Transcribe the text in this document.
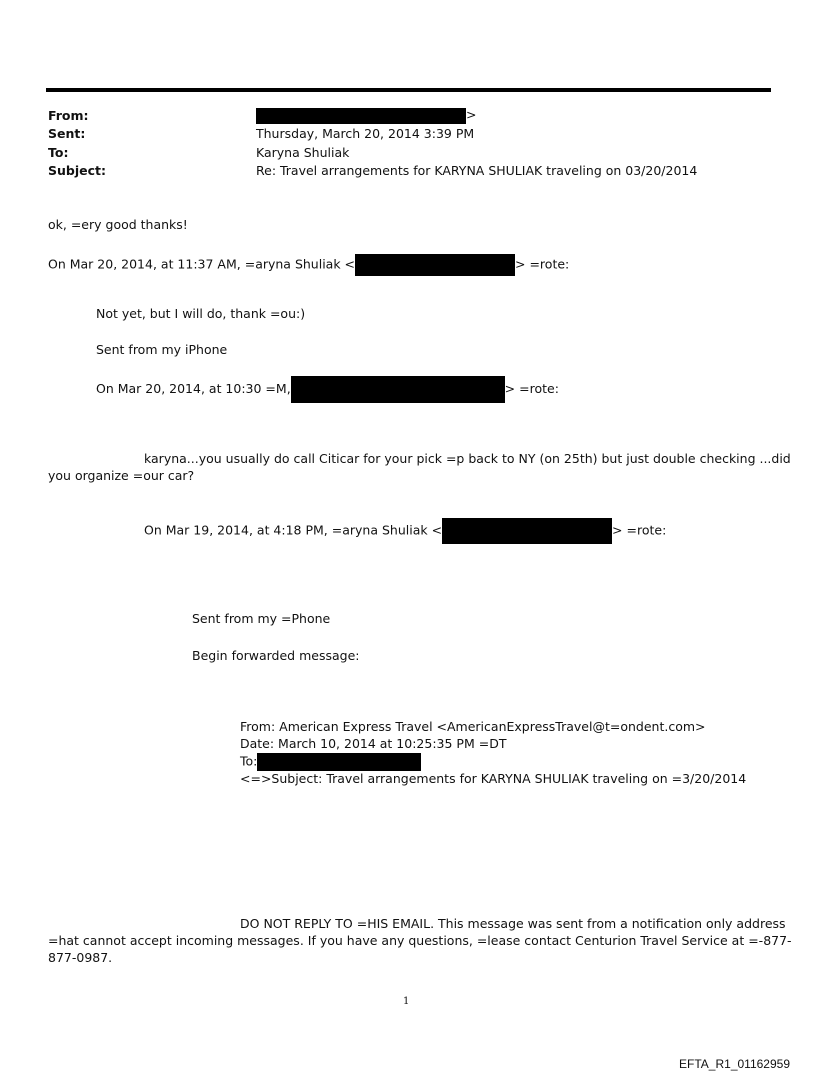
From:	>
Sent:	Thursday, March 20, 2014 3:39 PM
To:	Karyna Shuliak
Subject:	Re: Travel arrangements for KARYNA SHULIAK traveling on 03/20/2014
ok, =ery good thanks!
On Mar 20, 2014, at 11:37 AM, =aryna Shuliak <	> =rote:
Not yet, but I will do, thank =ou:)
Sent from my iPhone
On Mar 20, 2014, at 10:30 =M,	> =rote:
karyna...you usually do call Citicar for your pick =p back to NY (on 25th) but just double checking ...did
you organize =our car?
On Mar 19, 2014, at 4:18 PM, =aryna Shuliak <	> =rote:
Sent from my =Phone
Begin forwarded message:
From: American Express Travel <AmericanExpressTravel@t=ondent.com>
Date: March 10, 2014 at 10:25:35 PM =DT
To:
<=>Subject: Travel arrangements for KARYNA SHULIAK traveling on =3/20/2014
DO NOT REPLY TO =HIS EMAIL. This message was sent from a notification only address
=hat cannot accept incoming messages. If you have any questions, =lease contact Centurion Travel Service at =-877-
877-0987.
1
EFTA_R1_01162959
